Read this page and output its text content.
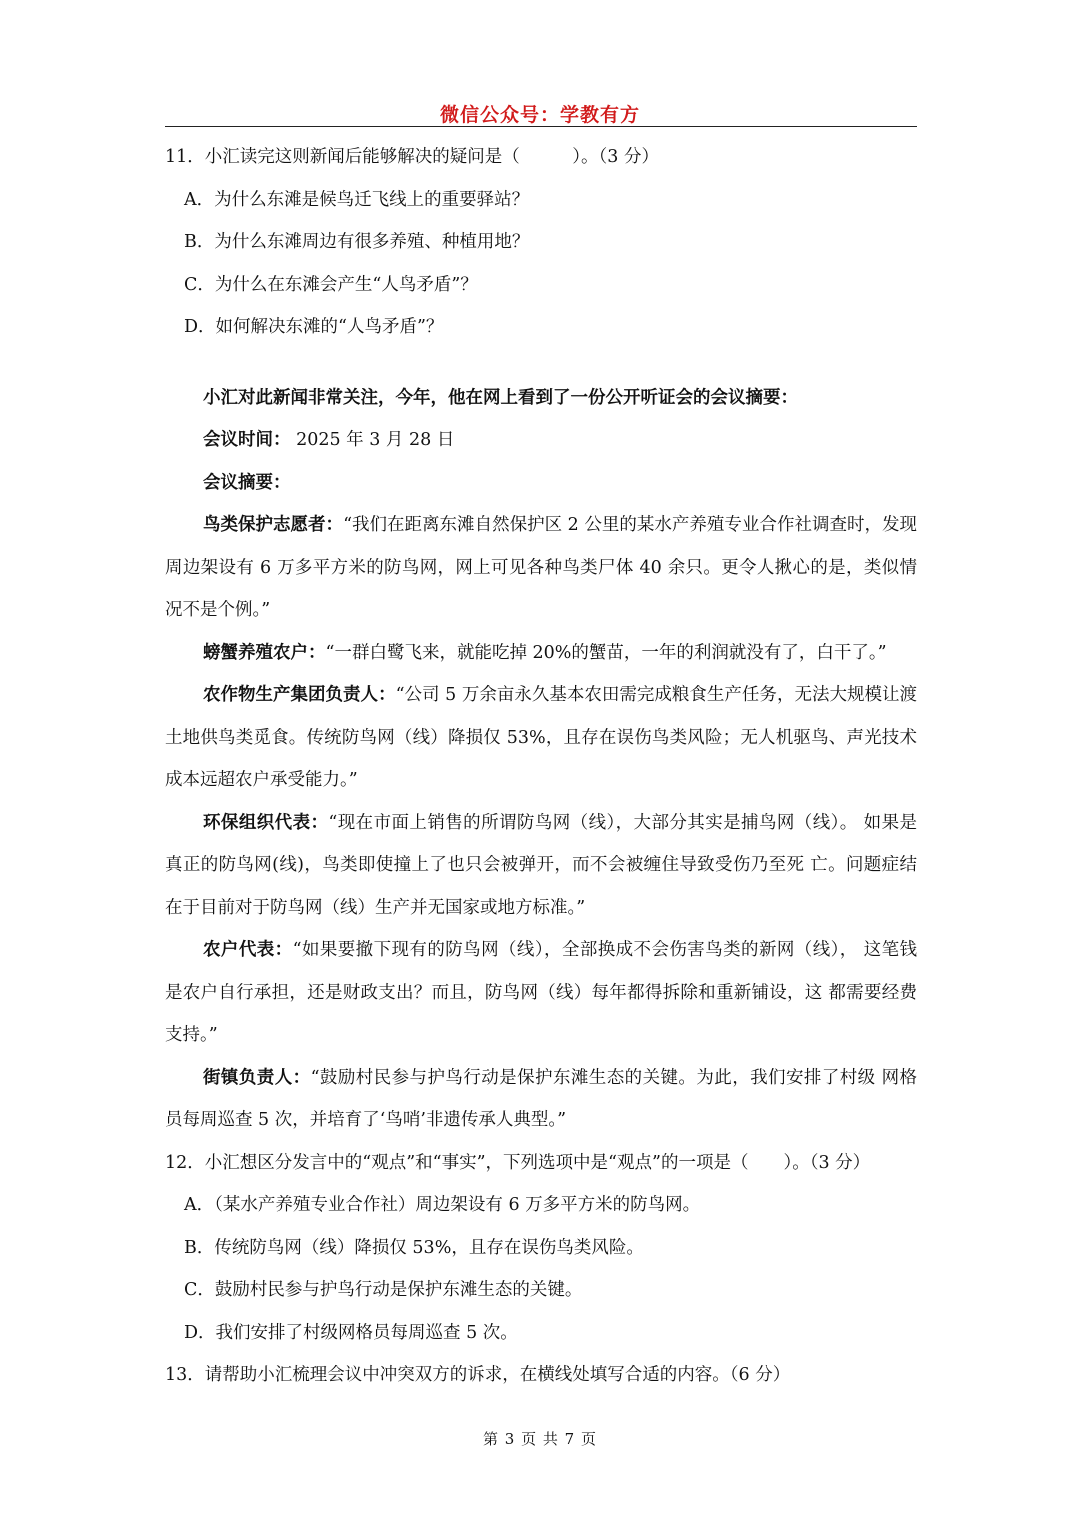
微信公众号：学教有方
11．小汇读完这则新闻后能够解决的疑问是（　　　）。（3 分）
A．为什么东滩是候鸟迁飞线上的重要驿站？
B．为什么东滩周边有很多养殖、种植用地？
C．为什么在东滩会产生“人鸟矛盾”？
D．如何解决东滩的“人鸟矛盾”？
小汇对此新闻非常关注，今年，他在网上看到了一份公开听证会的会议摘要：
会议时间： 2025 年 3 月 28 日
会议摘要：
鸟类保护志愿者：“我们在距离东滩自然保护区 2 公里的某水产养殖专业合作社调查时，发现周边架设有 6 万多平方米的防鸟网，网上可见各种鸟类尸体 40 余只。更令人揪心的是，类似情况不是个例。”
螃蟹养殖农户：“一群白鹭飞来，就能吃掉 20%的蟹苗，一年的利润就没有了，白干了。”
农作物生产集团负责人：“公司 5 万余亩永久基本农田需完成粮食生产任务，无法大规模让渡土地供鸟类觅食。传统防鸟网（线）降损仅 53%，且存在误伤鸟类风险；无人机驱鸟、声光技术成本远超农户承受能力。”
环保组织代表：“现在市面上销售的所谓防鸟网（线），大部分其实是捕鸟网（线）。 如果是真正的防鸟网(线)，鸟类即使撞上了也只会被弹开，而不会被缠住导致受伤乃至死 亡。问题症结在于目前对于防鸟网（线）生产并无国家或地方标准。”
农户代表：“如果要撤下现有的防鸟网（线），全部换成不会伤害鸟类的新网（线）， 这笔钱是农户自行承担，还是财政支出？而且，防鸟网（线）每年都得拆除和重新铺设，这 都需要经费支持。”
街镇负责人：“鼓励村民参与护鸟行动是保护东滩生态的关键。为此，我们安排了村级 网格员每周巡查 5 次，并培育了‘鸟哨’非遗传承人典型。”
12．小汇想区分发言中的“观点”和“事实”，下列选项中是“观点”的一项是（　　）。（3 分）
A．（某水产养殖专业合作社）周边架设有 6 万多平方米的防鸟网。
B．传统防鸟网（线）降损仅 53%，且存在误伤鸟类风险。
C．鼓励村民参与护鸟行动是保护东滩生态的关键。
D．我们安排了村级网格员每周巡查 5 次。
13．请帮助小汇梳理会议中冲突双方的诉求，在横线处填写合适的内容。（6 分）
第 3 页 共 7 页
